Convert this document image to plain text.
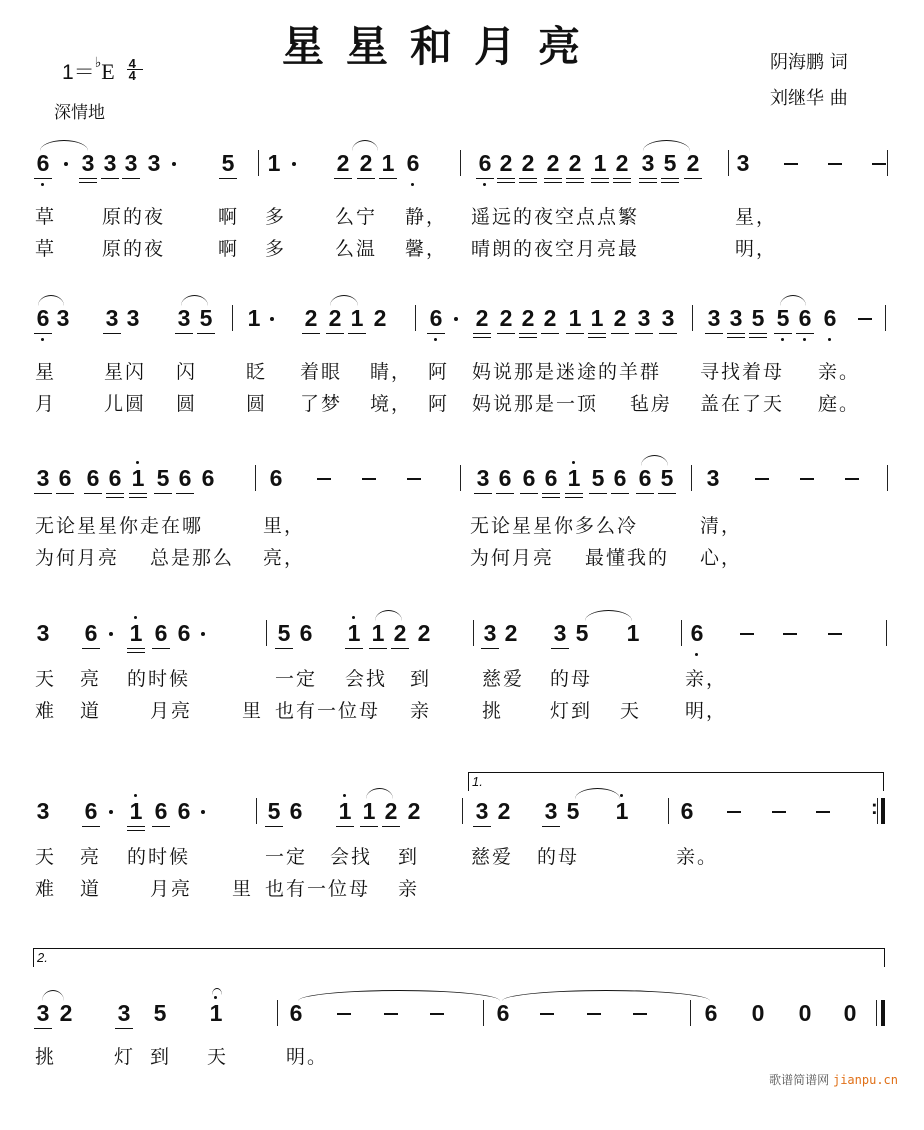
星星和月亮
$1=^♭E \frac{4}{4}$
深情地
阴海鹏 词
刘继华 曲
6 3 3 3 3	5 1 2 2 1 6	6 2 2 2 2 1 2 3 5 2 3
草 原的夜	啊 多	么宁 静， 遥远的夜空点点繁	星，
草 原的夜	啊 多	么温 馨， 晴朗的夜空月亮最	明，
6 3 3 3 3 5 1 2 2 1 2 6 2 2 2 2 1 1 2 3 3 3 3 5 5 6 6
星	星闪 闪	眨 着眼 睛， 阿 妈说那是迷途的羊群 寻找着母 亲。
月	儿圆 圆	圆 了梦 境， 阿 妈说那是一顶 毡房 盖在了天 庭。
3 6 6 6 1 5 6 6 6	3 6 6 6 1 5 6 6 5 3
无论星星你走在哪	里，	无论星星你多么冷	清，
为何月亮 总是那么 亮，	为何月亮 最懂我的 心，
3 6 1 6 6	5 6 1 1 2 2 3 2 3 5 1 6
天 亮 的时候	一定 会找 到	慈爱 的母	亲，
难 道	月亮	里 也有一位母 亲	挑 灯到 天 明，
3 6 1 6 6	5 6 1 1 2 2 3 2 3 5 1 6
1.
:
天 亮 的时候	一定 会找 到	慈爱 的母	亲。
难 道	月亮 里 也有一位母 亲
3 2 3 5 1	6	6	6 0 0 0
2.
挑	灯 到 天	明。
歌谱简谱网 jianpu.cn
